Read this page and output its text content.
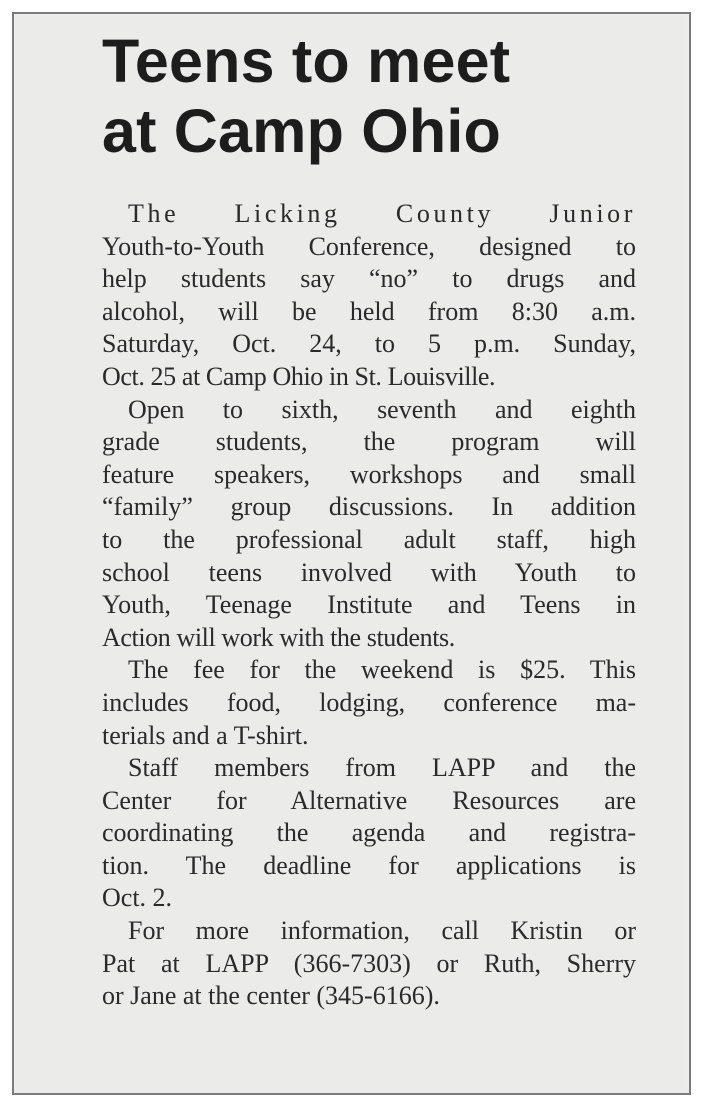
Teens to meet
at Camp Ohio
The Licking County Junior
Youth-to-Youth Conference, designed to
help students say “no” to drugs and
alcohol, will be held from 8:30 a.m.
Saturday, Oct. 24, to 5 p.m. Sunday,
Oct. 25 at Camp Ohio in St. Louisville.
Open to sixth, seventh and eighth
grade students, the program will
feature speakers, workshops and small
“family” group discussions. In addition
to the professional adult staff, high
school teens involved with Youth to
Youth, Teenage Institute and Teens in
Action will work with the students.
The fee for the weekend is $25. This
includes food, lodging, conference ma-
terials and a T-shirt.
Staff members from LAPP and the
Center for Alternative Resources are
coordinating the agenda and registra-
tion. The deadline for applications is
Oct. 2.
For more information, call Kristin or
Pat at LAPP (366-7303) or Ruth, Sherry
or Jane at the center (345-6166).
